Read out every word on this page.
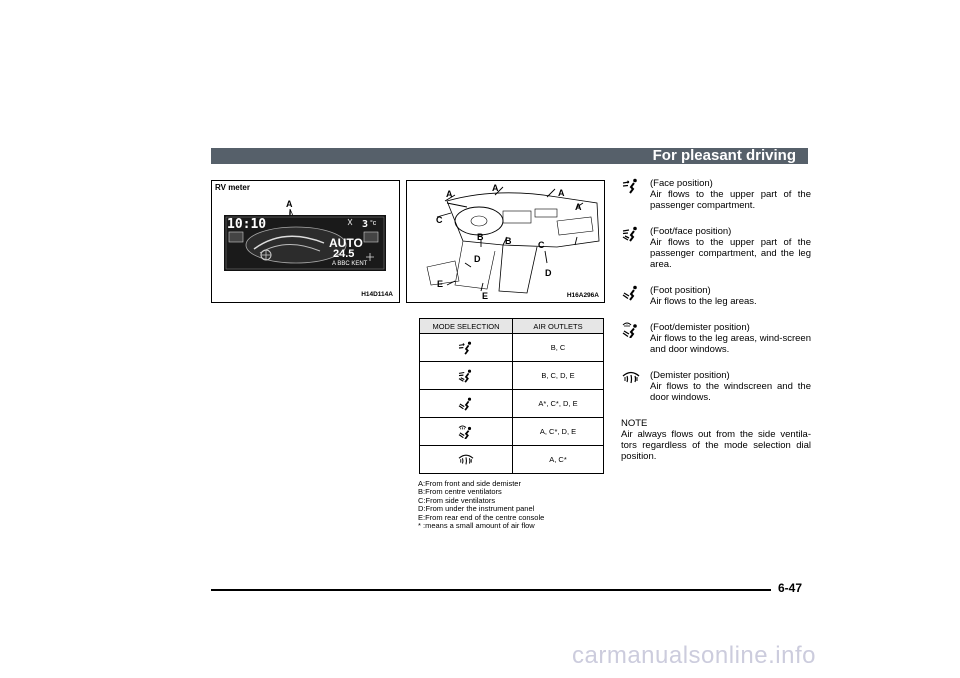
For pleasant driving
RV meter
A
10:10	3 °c
AUTO
24.5
A BBC KENT
H14D114A
A
A	A
A
C
B B	C
D
D
E
E	H16A296A
MODE SELECTION	AIR OUTLETS
	B, C
	B, C, D, E
	A*, C*, D, E
	A, C*, D, E
	A, C*
A:From front and side demister
B:From centre ventilators
C:From side ventilators
D:From under the instrument panel
E:From rear end of the centre console
* :means a small amount of air flow
(Face position)
Air flows to the upper part of the passenger compartment.
(Foot/face position)
Air flows to the upper part of the passenger compartment, and the leg area.
(Foot position)
Air flows to the leg areas.
(Foot/demister position)
Air flows to the leg areas, wind-screen and door windows.
(Demister position)
Air flows to the windscreen and the door windows.
NOTE
Air always flows out from the side ventila-tors regardless of the mode selection dial position.
6-47
carmanualsonline.info
